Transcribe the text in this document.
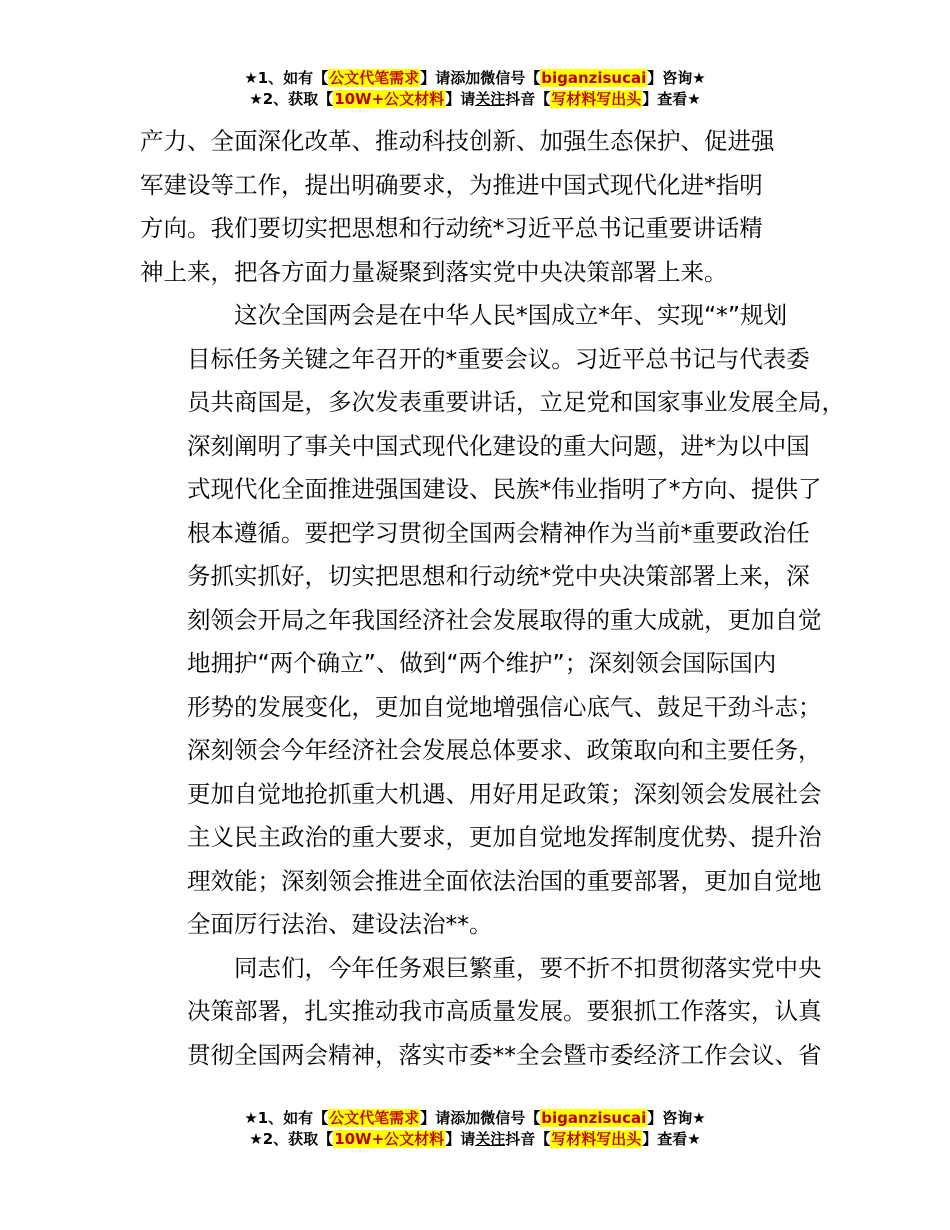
★1、如有【公文代笔需求】请添加微信号【biganzisucai】咨询★
★2、获取【10W+公文材料】请关注抖音【写材料写出头】查看★

产力、全面深化改革、推动科技创新、加强生态保护、促进强
军建设等工作，提出明确要求，为推进中国式现代化进*指明
方向。我们要切实把思想和行动统*习近平总书记重要讲话精
神上来，把各方面力量凝聚到落实党中央决策部署上来。

这次全国两会是在中华人民*国成立*年、实现“*”规划
目标任务关键之年召开的*重要会议。习近平总书记与代表委
员共商国是，多次发表重要讲话，立足党和国家事业发展全局，
深刻阐明了事关中国式现代化建设的重大问题，进*为以中国
式现代化全面推进强国建设、民族*伟业指明了*方向、提供了
根本遵循。要把学习贯彻全国两会精神作为当前*重要政治任
务抓实抓好，切实把思想和行动统*党中央决策部署上来，深
刻领会开局之年我国经济社会发展取得的重大成就，更加自觉
地拥护“两个确立”、做到“两个维护”；深刻领会国际国内
形势的发展变化，更加自觉地增强信心底气、鼓足干劲斗志；
深刻领会今年经济社会发展总体要求、政策取向和主要任务，
更加自觉地抢抓重大机遇、用好用足政策；深刻领会发展社会
主义民主政治的重大要求，更加自觉地发挥制度优势、提升治
理效能；深刻领会推进全面依法治国的重要部署，更加自觉地
全面厉行法治、建设法治**。

同志们，今年任务艰巨繁重，要不折不扣贯彻落实党中央
决策部署，扎实推动我市高质量发展。要狠抓工作落实，认真
贯彻全国两会精神，落实市委**全会暨市委经济工作会议、省

★1、如有【公文代笔需求】请添加微信号【biganzisucai】咨询★
★2、获取【10W+公文材料】请关注抖音【写材料写出头】查看★
